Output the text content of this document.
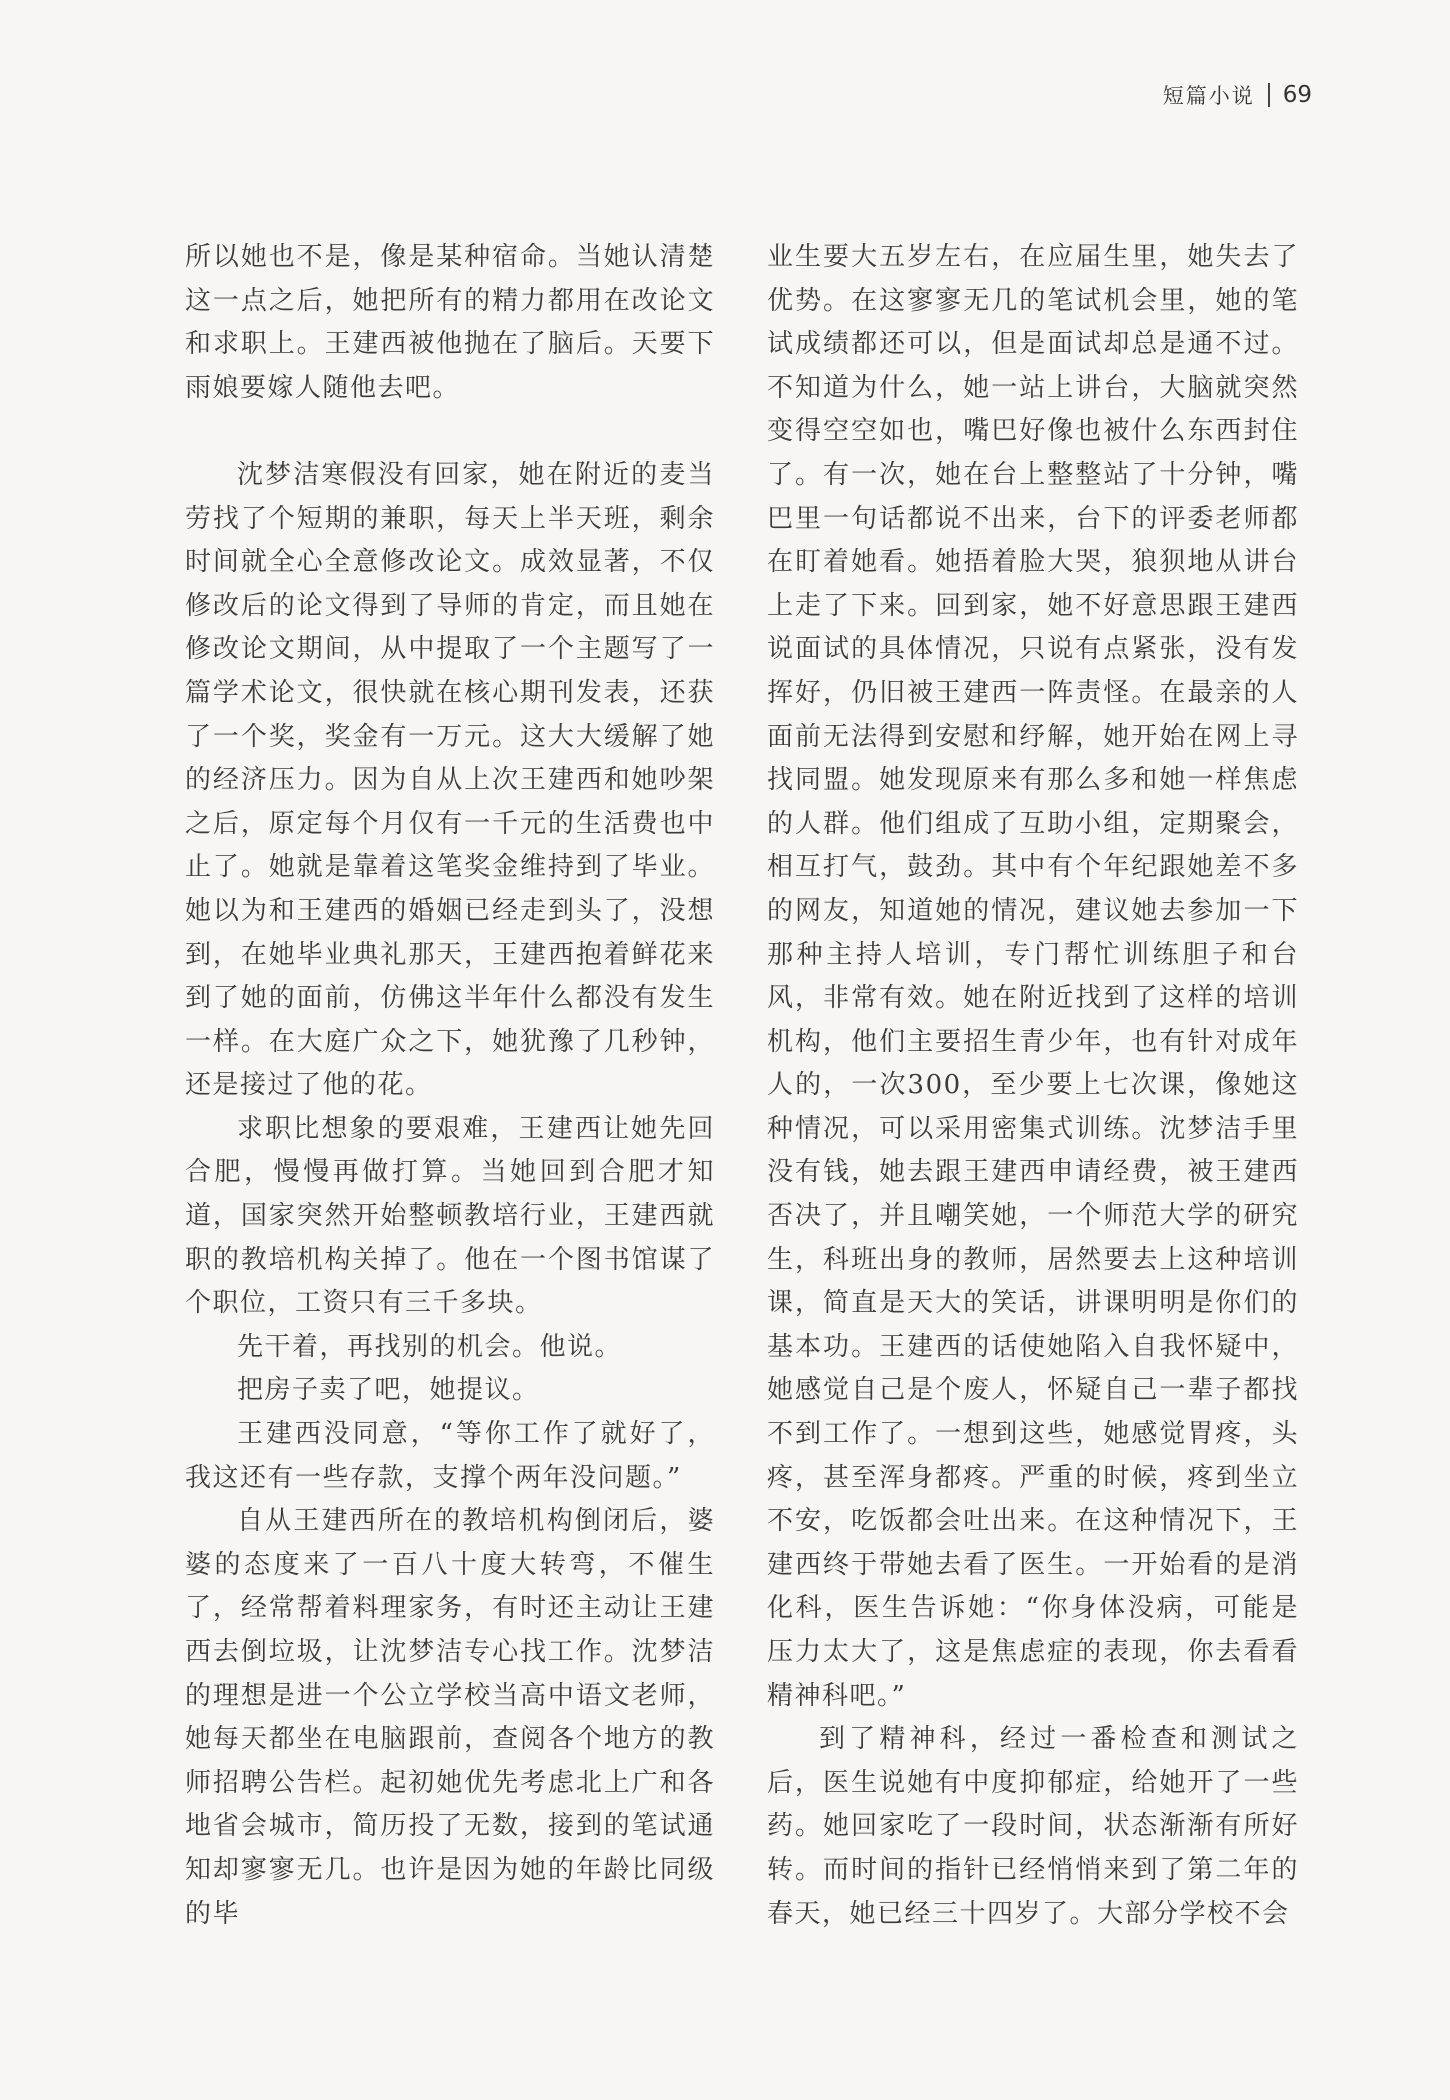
短篇小说 69

所以她也不是，像是某种宿命。当她认清楚这一点之后，她把所有的精力都用在改论文和求职上。王建西被他抛在了脑后。天要下雨娘要嫁人随他去吧。

沈梦洁寒假没有回家，她在附近的麦当劳找了个短期的兼职，每天上半天班，剩余时间就全心全意修改论文。成效显著，不仅修改后的论文得到了导师的肯定，而且她在修改论文期间，从中提取了一个主题写了一篇学术论文，很快就在核心期刊发表，还获了一个奖，奖金有一万元。这大大缓解了她的经济压力。因为自从上次王建西和她吵架之后，原定每个月仅有一千元的生活费也中止了。她就是靠着这笔奖金维持到了毕业。她以为和王建西的婚姻已经走到头了，没想到，在她毕业典礼那天，王建西抱着鲜花来到了她的面前，仿佛这半年什么都没有发生一样。在大庭广众之下，她犹豫了几秒钟，还是接过了他的花。

求职比想象的要艰难，王建西让她先回合肥，慢慢再做打算。当她回到合肥才知道，国家突然开始整顿教培行业，王建西就职的教培机构关掉了。他在一个图书馆谋了个职位，工资只有三千多块。

先干着，再找别的机会。他说。

把房子卖了吧，她提议。

王建西没同意，“等你工作了就好了，我这还有一些存款，支撑个两年没问题。”

自从王建西所在的教培机构倒闭后，婆婆的态度来了一百八十度大转弯，不催生了，经常帮着料理家务，有时还主动让王建西去倒垃圾，让沈梦洁专心找工作。沈梦洁的理想是进一个公立学校当高中语文老师，她每天都坐在电脑跟前，查阅各个地方的教师招聘公告栏。起初她优先考虑北上广和各地省会城市，简历投了无数，接到的笔试通知却寥寥无几。也许是因为她的年龄比同级的毕

业生要大五岁左右，在应届生里，她失去了优势。在这寥寥无几的笔试机会里，她的笔试成绩都还可以，但是面试却总是通不过。不知道为什么，她一站上讲台，大脑就突然变得空空如也，嘴巴好像也被什么东西封住了。有一次，她在台上整整站了十分钟，嘴巴里一句话都说不出来，台下的评委老师都在盯着她看。她捂着脸大哭，狼狈地从讲台上走了下来。回到家，她不好意思跟王建西说面试的具体情况，只说有点紧张，没有发挥好，仍旧被王建西一阵责怪。在最亲的人面前无法得到安慰和纾解，她开始在网上寻找同盟。她发现原来有那么多和她一样焦虑的人群。他们组成了互助小组，定期聚会，相互打气，鼓劲。其中有个年纪跟她差不多的网友，知道她的情况，建议她去参加一下那种主持人培训，专门帮忙训练胆子和台风，非常有效。她在附近找到了这样的培训机构，他们主要招生青少年，也有针对成年人的，一次300，至少要上七次课，像她这种情况，可以采用密集式训练。沈梦洁手里没有钱，她去跟王建西申请经费，被王建西否决了，并且嘲笑她，一个师范大学的研究生，科班出身的教师，居然要去上这种培训课，简直是天大的笑话，讲课明明是你们的基本功。王建西的话使她陷入自我怀疑中，她感觉自己是个废人，怀疑自己一辈子都找不到工作了。一想到这些，她感觉胃疼，头疼，甚至浑身都疼。严重的时候，疼到坐立不安，吃饭都会吐出来。在这种情况下，王建西终于带她去看了医生。一开始看的是消化科，医生告诉她：“你身体没病，可能是压力太大了，这是焦虑症的表现，你去看看精神科吧。”

到了精神科，经过一番检查和测试之后，医生说她有中度抑郁症，给她开了一些药。她回家吃了一段时间，状态渐渐有所好转。而时间的指针已经悄悄来到了第二年的春天，她已经三十四岁了。大部分学校不会
